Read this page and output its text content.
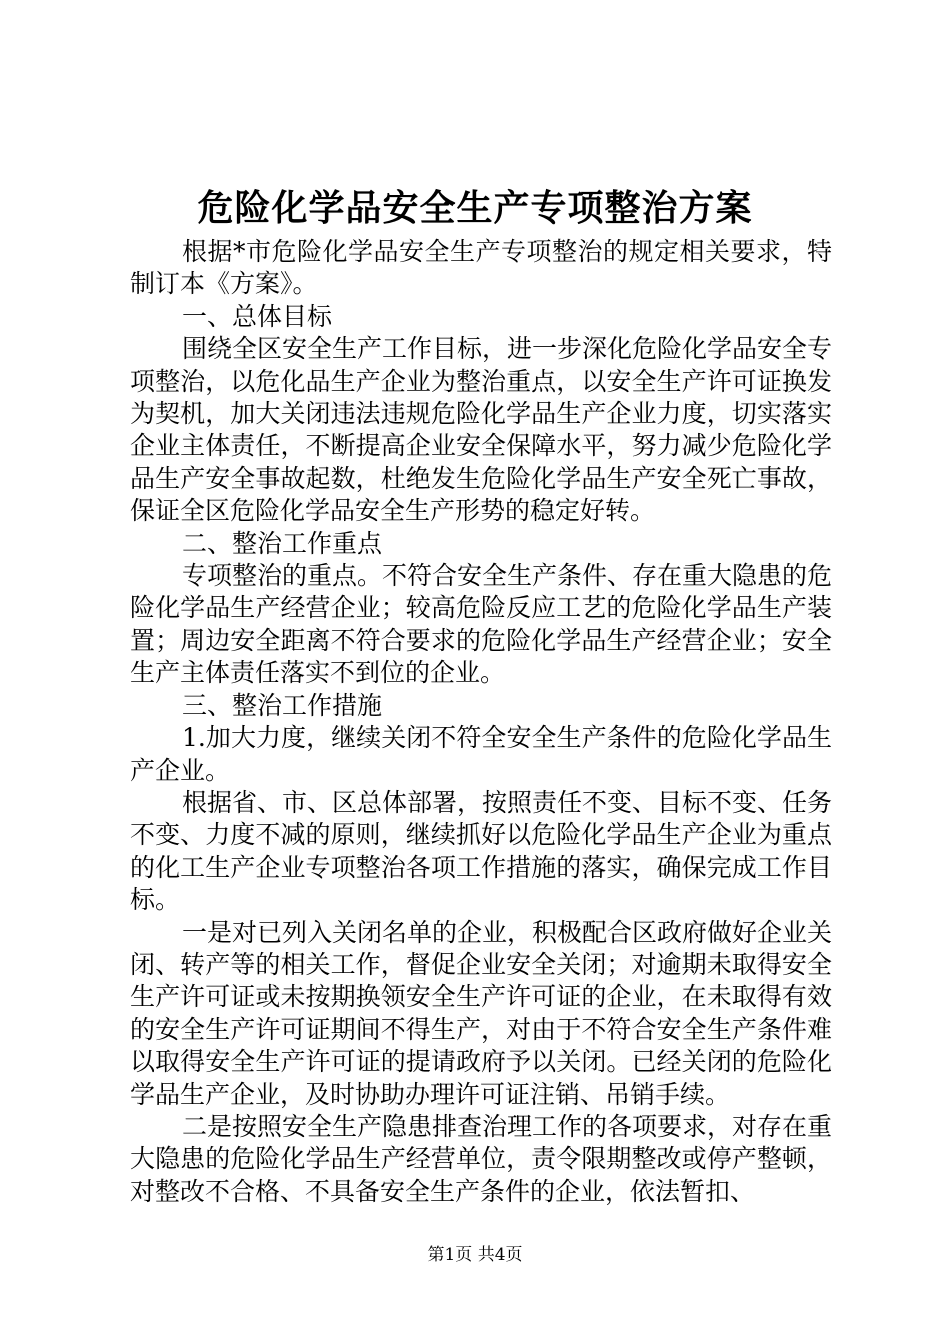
危险化学品安全生产专项整治方案

根据*市危险化学品安全生产专项整治的规定相关要求，特制订本《方案》。

一、总体目标

围绕全区安全生产工作目标，进一步深化危险化学品安全专项整治，以危化品生产企业为整治重点，以安全生产许可证换发为契机，加大关闭违法违规危险化学品生产企业力度，切实落实企业主体责任，不断提高企业安全保障水平，努力减少危险化学品生产安全事故起数，杜绝发生危险化学品生产安全死亡事故，保证全区危险化学品安全生产形势的稳定好转。

二、整治工作重点

专项整治的重点。不符合安全生产条件、存在重大隐患的危险化学品生产经营企业；较高危险反应工艺的危险化学品生产装置；周边安全距离不符合要求的危险化学品生产经营企业；安全生产主体责任落实不到位的企业。

三、整治工作措施

1.加大力度，继续关闭不符全安全生产条件的危险化学品生产企业。

根据省、市、区总体部署，按照责任不变、目标不变、任务不变、力度不减的原则，继续抓好以危险化学品生产企业为重点的化工生产企业专项整治各项工作措施的落实，确保完成工作目标。

一是对已列入关闭名单的企业，积极配合区政府做好企业关闭、转产等的相关工作，督促企业安全关闭；对逾期未取得安全生产许可证或未按期换领安全生产许可证的企业，在未取得有效的安全生产许可证期间不得生产，对由于不符合安全生产条件难以取得安全生产许可证的提请政府予以关闭。已经关闭的危险化学品生产企业，及时协助办理许可证注销、吊销手续。

二是按照安全生产隐患排查治理工作的各项要求，对存在重大隐患的危险化学品生产经营单位，责令限期整改或停产整顿，对整改不合格、不具备安全生产条件的企业，依法暂扣、

第1页 共4页
